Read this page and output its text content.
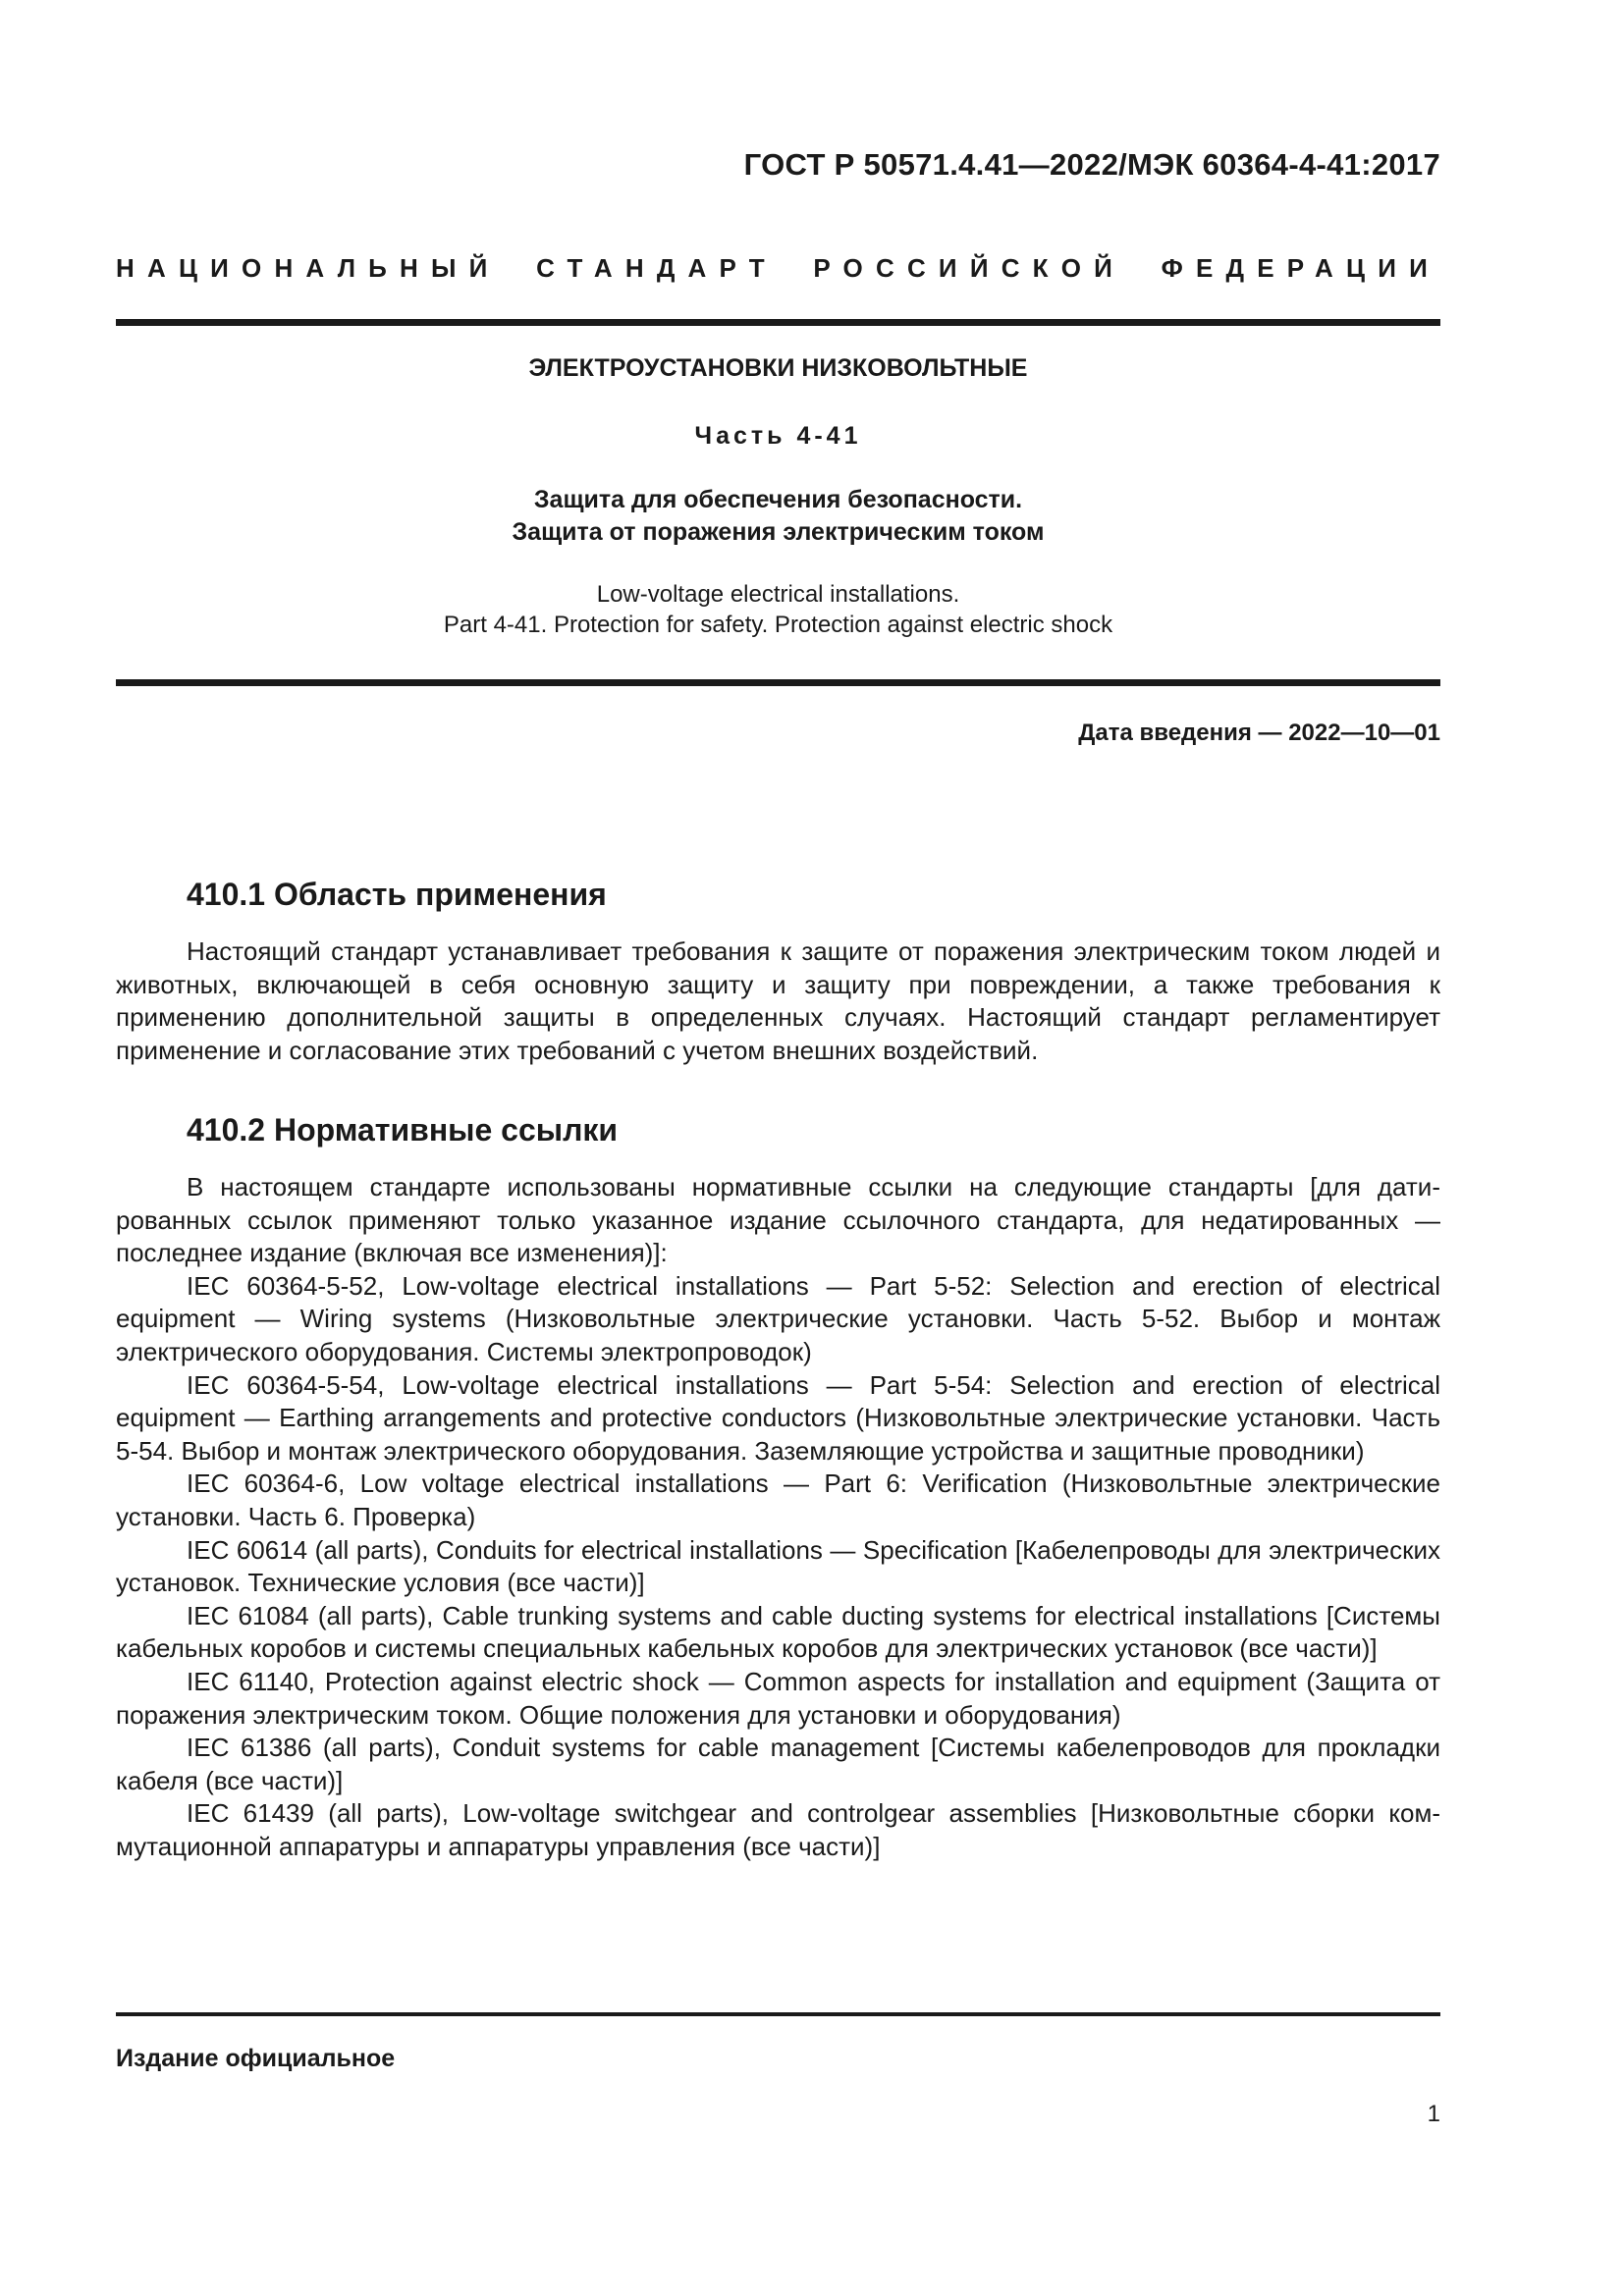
ГОСТ Р 50571.4.41—2022/МЭК 60364-4-41:2017
НАЦИОНАЛЬНЫЙ СТАНДАРТ РОССИЙСКОЙ ФЕДЕРАЦИИ
ЭЛЕКТРОУСТАНОВКИ НИЗКОВОЛЬТНЫЕ
Часть 4-41
Защита для обеспечения безопасности.
Защита от поражения электрическим током
Low-voltage electrical installations.
Part 4-41. Protection for safety. Protection against electric shock
Дата введения — 2022—10—01
410.1 Область применения

Настоящий стандарт устанавливает требования к защите от поражения электрическим током людей и животных, включающей в себя основную защиту и защиту при повреждении, а также требования к применению дополнительной защиты в определенных случаях. Настоящий стандарт регламентирует применение и согласование этих требований с учетом внешних воздействий.

410.2 Нормативные ссылки

В настоящем стандарте использованы нормативные ссылки на следующие стандарты [для датированных ссылок применяют только указанное издание ссылочного стандарта, для недатированных — последнее издание (включая все изменения)]:

IEC 60364-5-52, Low-voltage electrical installations — Part 5-52: Selection and erection of electrical equipment — Wiring systems (Низковольтные электрические установки. Часть 5-52. Выбор и монтаж электрического оборудования. Системы электропроводок)

IEC 60364-5-54, Low-voltage electrical installations — Part 5-54: Selection and erection of electrical equipment — Earthing arrangements and protective conductors (Низковольтные электрические установки. Часть 5-54. Выбор и монтаж электрического оборудования. Заземляющие устройства и защитные проводники)

IEC 60364-6, Low voltage electrical installations — Part 6: Verification (Низковольтные электрические установки. Часть 6. Проверка)

IEC 60614 (all parts), Conduits for electrical installations — Specification [Кабелепроводы для электрических установок. Технические условия (все части)]

IEC 61084 (all parts), Cable trunking systems and cable ducting systems for electrical installations [Системы кабельных коробов и системы специальных кабельных коробов для электрических установок (все части)]

IEC 61140, Protection against electric shock — Common aspects for installation and equipment (Защита от поражения электрическим током. Общие положения для установки и оборудования)

IEC 61386 (all parts), Conduit systems for cable management [Системы кабелепроводов для прокладки кабеля (все части)]

IEC 61439 (all parts), Low-voltage switchgear and controlgear assemblies [Низковольтные сборки коммутационной аппаратуры и аппаратуры управления (все части)]

Издание официальное
1
